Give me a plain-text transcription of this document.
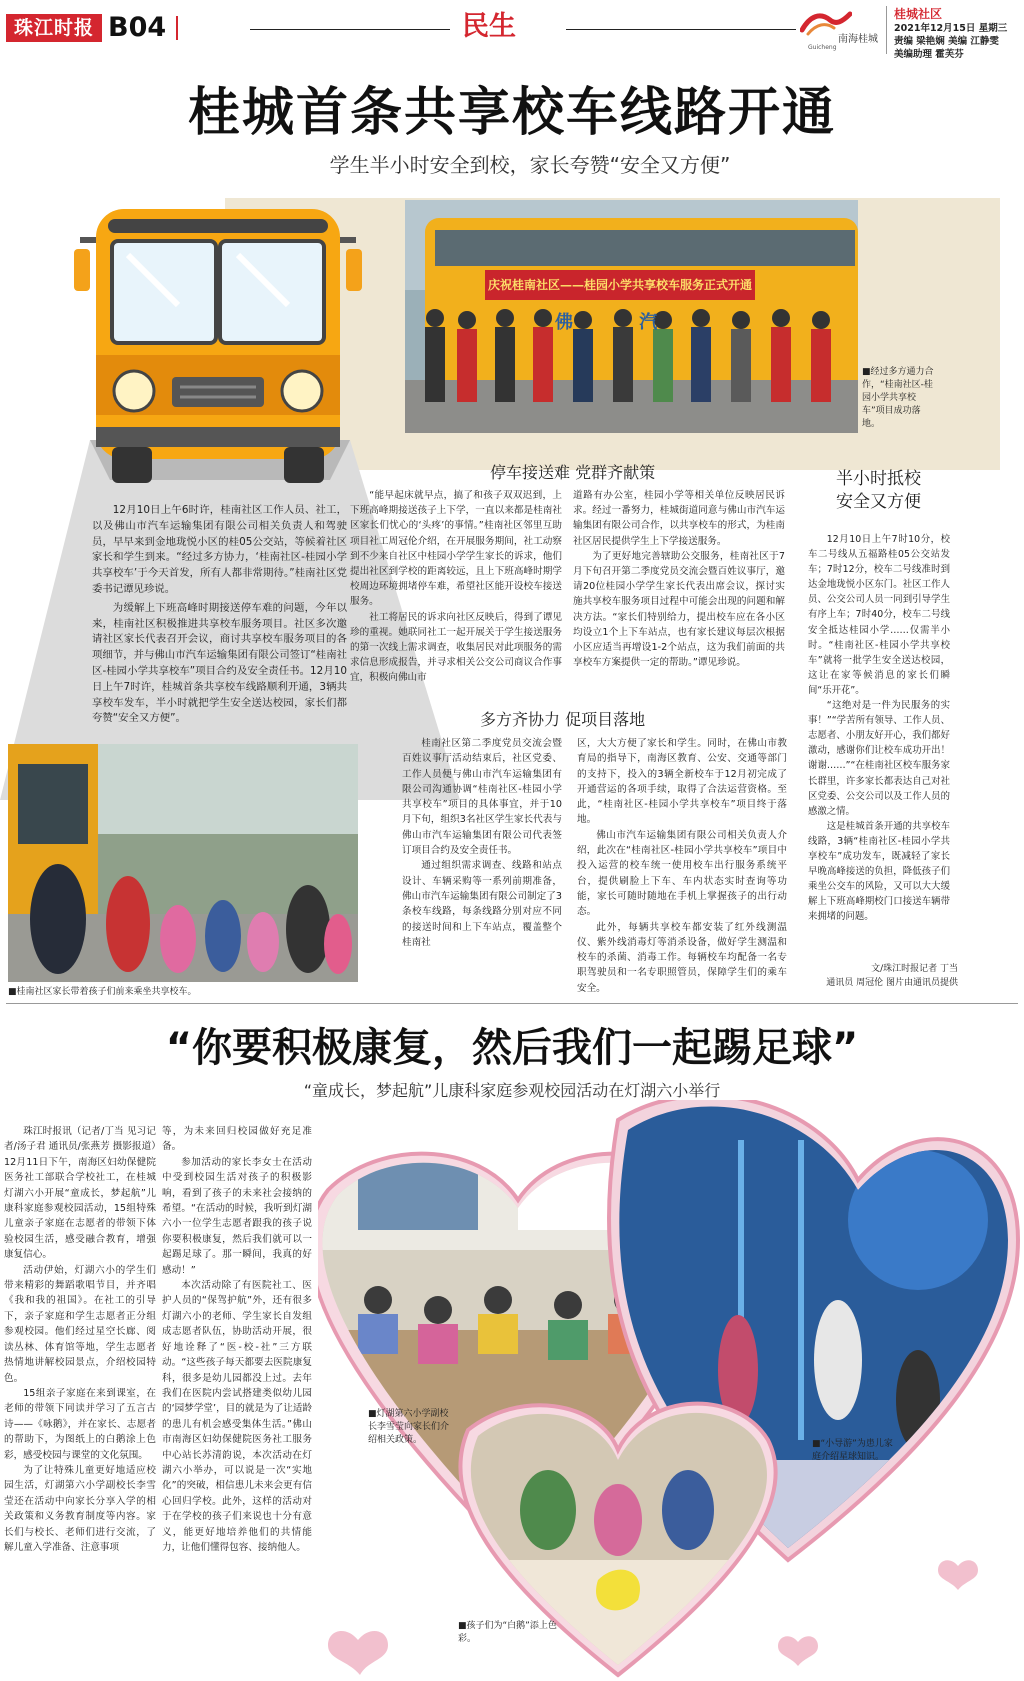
珠江时报 B04	民生	南海桂城
Guicheng
桂城社区
2021年12月15日 星期三
责编 梁艳娴 美编 江静雯
美编助理 霍芙芬
桂城首条共享校车线路开通
学生半小时安全到校，家长夸赞“安全又方便”
庆祝桂南社区——桂园小学共享校车服务正式开通
佛 汽
■经过多方通力合作，“桂南社区-桂园小学共享校车”项目成功落地。

12月10日上午6时许，桂南社区工作人员、社工，以及佛山市汽车运输集团有限公司相关负责人和驾驶员，早早来到金地珑悦小区的桂05公交站，等候着社区家长和学生到来。“经过多方协力，‘桂南社区-桂园小学共享校车’于今天首发，所有人都非常期待。”桂南社区党委书记谭见珍说。

为缓解上下班高峰时期接送停车难的问题，今年以来，桂南社区积极推进共享校车服务项目。社区多次邀请社区家长代表召开会议，商讨共享校车服务项目的各项细节，并与佛山市汽车运输集团有限公司签订“桂南社区-桂园小学共享校车”项目合约及安全责任书。12月10日上午7时许，桂城首条共享校车线路顺利开通，3辆共享校车发车，半小时就把学生安全送达校园，家长们都夸赞“安全又方便”。

■桂南社区家长带着孩子们前来乘坐共享校车。
停车接送难 党群齐献策

“能早起床就早点，搞了和孩子双双迟到，上下班高峰期接送孩子上下学，一直以来都是桂南社区家长们忧心的‘头疼’的事情。”桂南社区邻里互助项目社工周冠伦介绍，在开展服务期间，社工动察到不少来自社区中桂园小学学生家长的诉求，他们提出社区到学校的距离较远，且上下班高峰时期学校周边环境拥堵停车难，希望社区能开设校车接送服务。

社工将居民的诉求向社区反映后，得到了谭见珍的重视。她联同社工一起开展关于学生接送服务的第一次线上需求调查，收集居民对此项服务的需求信息形成报告，并寻求相关公交公司商议合作事宜，积极向佛山市

道路有办公室，桂园小学等相关单位反映居民诉求。经过一番努力，桂城街道同意与佛山市汽车运输集团有限公司合作，以共享校车的形式，为桂南社区居民提供学生上下学接送服务。

为了更好地完善辖助公交服务，桂南社区于7月下旬召开第二季度党员交流会暨百姓议事厅，邀请20位桂园小学学生家长代表出席会议，探讨实施共享校车服务项目过程中可能会出现的问题和解决方法。“家长们特别给力，提出校车应在各小区均设立1个上下车站点，也有家长建议每层次根据小区应适当再增设1-2个站点，这为我们前面的共享校车方案提供一定的帮助。”谭见珍说。

多方齐协力 促项目落地

桂南社区第二季度党员交流会暨百姓议事厅活动结束后，社区党委、工作人员便与佛山市汽车运输集团有限公司沟通协调“桂南社区-桂园小学共享校车”项目的具体事宜，并于10月下旬，组织3名社区学生家长代表与佛山市汽车运输集团有限公司代表签订项目合约及安全责任书。

通过组织需求调查、线路和站点设计、车辆采购等一系列前期准备，佛山市汽车运输集团有限公司制定了3条校车线路，每条线路分别对应不同的接送时间和上下车站点，覆盖整个桂南社

区，大大方便了家长和学生。同时，在佛山市教育局的指导下，南海区教育、公安、交通等部门的支持下，投入的3辆全新校车于12月初完成了开通营运的各项手续，取得了合法运营资格。至此，“桂南社区-桂园小学共享校车”项目终于落地。

佛山市汽车运输集团有限公司相关负责人介绍，此次在“桂南社区-桂园小学共享校车”项目中投入运营的校车统一使用校车出行服务系统平台，提供刷脸上下车、车内状态实时查询等功能，家长可随时随地在手机上掌握孩子的出行动态。

此外，每辆共享校车都安装了红外线测温仪、紫外线消毒灯等消杀设备，做好学生测温和校车的杀菌、消毒工作。每辆校车均配备一名专职驾驶员和一名专职照管员，保障学生们的乘车安全。

半小时抵校
安全又方便

12月10日上午7时10分，校车二号线从五福路桂05公交站发车；7时12分，校车二号线准时到达金地珑悦小区东门。社区工作人员、公交公司人员一同到引导学生有序上车；7时40分，校车二号线安全抵达桂园小学……仅需半小时。“桂南社区-桂园小学共享校车”就将一批学生安全送达校园，这让在家等候消息的家长们瞬间“乐开花”。

“这绝对是一件为民服务的实事！”“学苦所有领导、工作人员、志愿者、小朋友好开心，我们都好激动，感谢你们让校车成功开出！谢谢……”“在桂南社区校车服务家长群里，许多家长都表达自己对社区党委、公交公司以及工作人员的感激之情。

这是桂城首条开通的共享校车线路，3辆“桂南社区-桂园小学共享校车”成功发车，既减轻了家长早晚高峰接送的负担，降低孩子们乘坐公交车的风险，又可以大大缓解上下班高峰期校门口接送车辆带来拥堵的问题。

文/珠江时报记者 丁当
通讯员 周冠伦 图片由通讯员提供
“你要积极康复，然后我们一起踢足球”
“童成长，梦起航”儿康科家庭参观校园活动在灯湖六小举行

珠江时报讯（记者/丁当 见习记者/汤子君 通讯员/张燕芳 摄影报道）12月11日下午，南海区妇幼保健院医务社工部联合学校社工，在桂城灯湖六小开展“童成长，梦起航”儿康科家庭参观校园活动，15组特殊儿童亲子家庭在志愿者的带领下体验校园生活，感受融合教育，增强康复信心。

活动伊始，灯湖六小的学生们带来精彩的舞蹈歌唱节目，并齐唱《我和我的祖国》。在社工的引导下，亲子家庭和学生志愿者正分组参观校园。他们经过星空长廊、阅读丛林、体育馆等地，学生志愿者热情地讲解校园景点，介绍校园特色。

15组亲子家庭在来到课室，在老师的带领下同读并学习了五言古诗——《咏鹅》，并在家长、志愿者的帮助下，为图纸上的白鹅涂上色彩，感受校园与课堂的文化氛围。

为了让特殊儿童更好地适应校园生活，灯湖第六小学副校长李雪莹还在活动中向家长分享入学的相关政策和义务教育制度等内容。家长们与校长、老师们进行交流，了解儿童入学准备、注意事项

等，为未来回归校园做好充足准备。

参加活动的家长李女士在活动中受到校园生活对孩子的积极影响，看到了孩子的未来社会接纳的希望。“在活动的时候，我听到灯湖六小一位学生志愿者跟我的孩子说你要积极康复，然后我们就可以一起踢足球了。那一瞬间，我真的好感动！”

本次活动除了有医院社工、医护人员的“保驾护航”外，还有很多灯湖六小的老师、学生家长自发组成志愿者队伍，协助活动开展，很好地诠释了“医-校-社”三方联动。“这些孩子每天都要去医院康复科，很多是幼儿园都没上过。去年我们在医院内尝试搭建类似幼儿园的‘园梦学堂’，目的就是为了让适龄的患儿有机会感受集体生活。”佛山市南海区妇幼保健院医务社工服务中心站长苏清韵说，本次活动在灯湖六小举办，可以说是一次“实地化”的突破，相信患儿未来会更有信心回归学校。此外，这样的活动对于在学校的孩子们来说也十分有意义，能更好地培养他们的共情能力，让他们懂得包容、接纳他人。

■灯湖第六小学副校长李雪莹向家长们介绍相关政策。
■孩子们为“白鹅”添上色彩。
■“小导游”为患儿家庭介绍星球知识。
